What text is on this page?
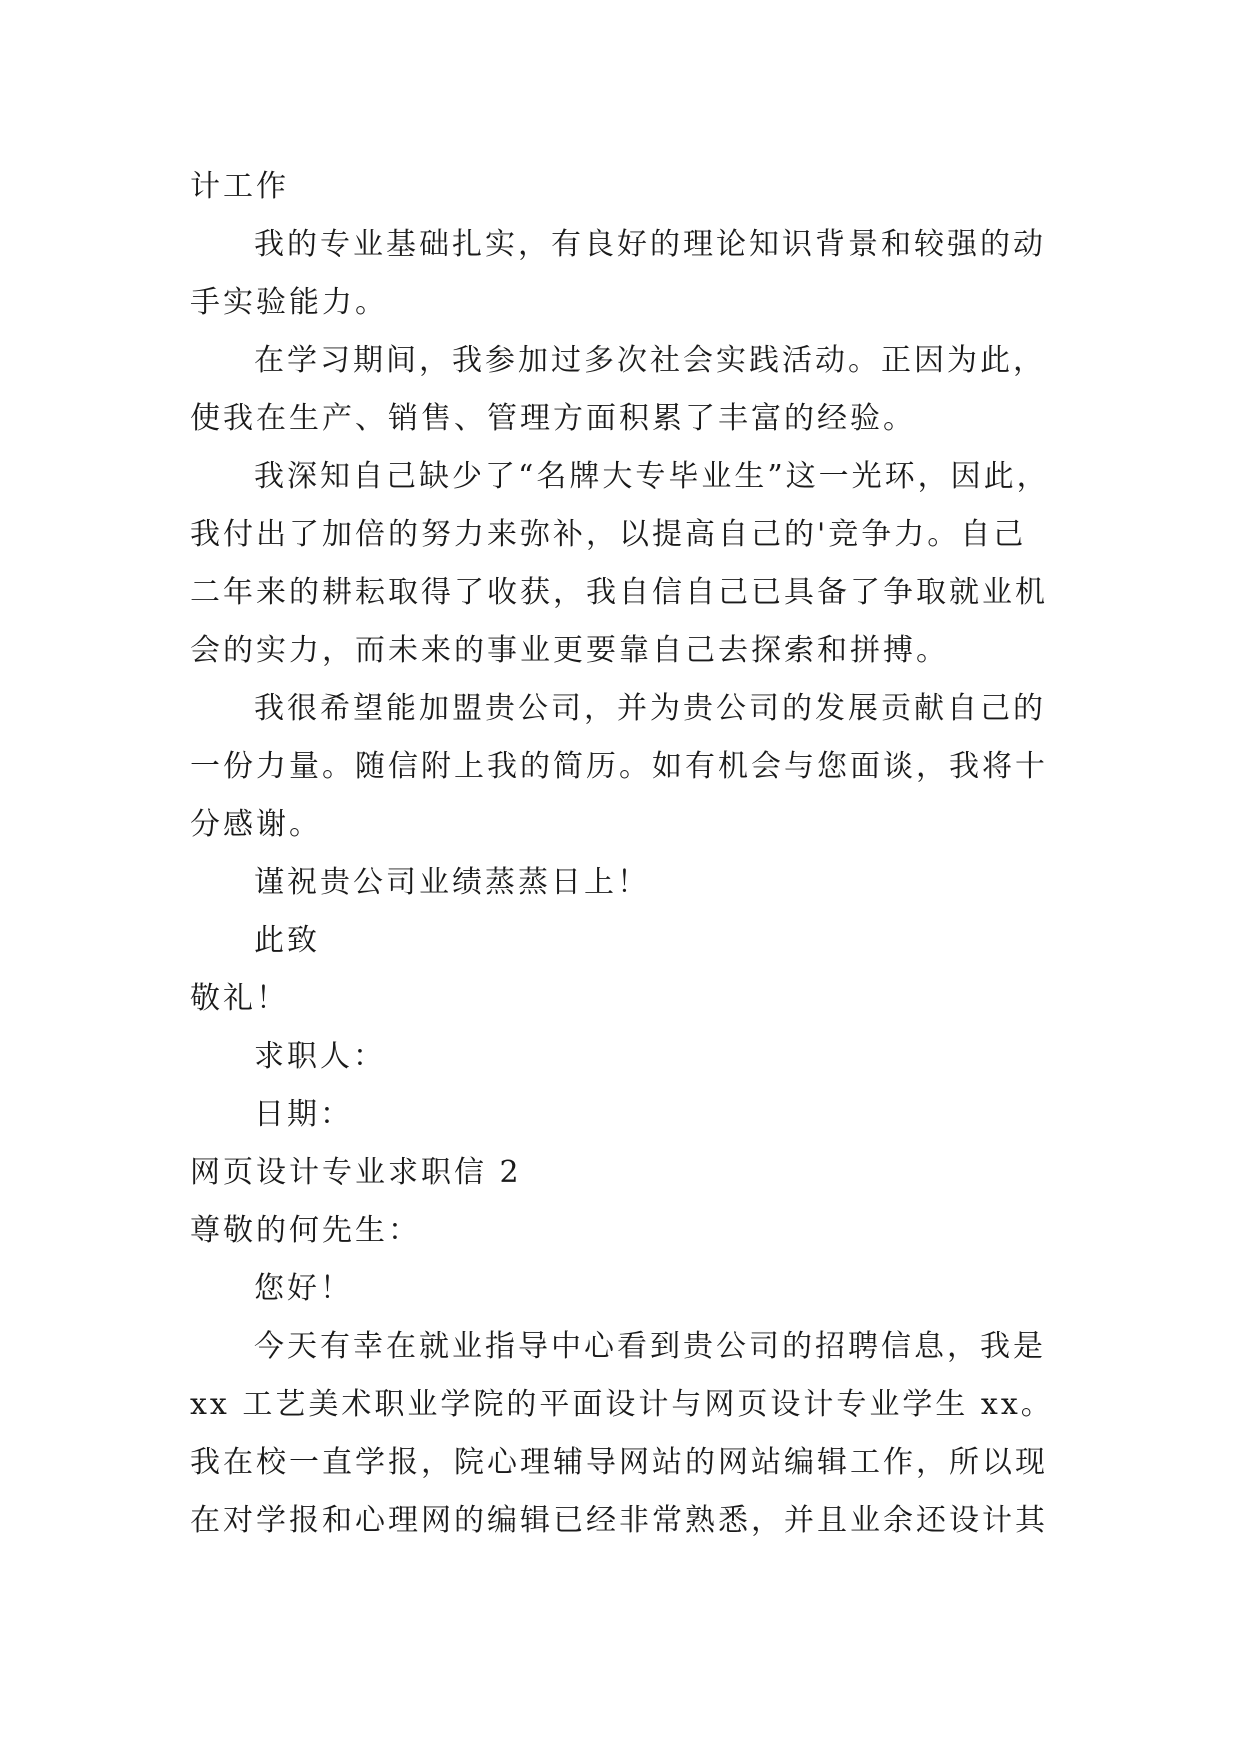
计工作
我的专业基础扎实，有良好的理论知识背景和较强的动
手实验能力。
在学习期间，我参加过多次社会实践活动。正因为此，
使我在生产、销售、管理方面积累了丰富的经验。
我深知自己缺少了“名牌大专毕业生”这一光环，因此，
我付出了加倍的努力来弥补，以提高自己的'竞争力。自己
二年来的耕耘取得了收获，我自信自己已具备了争取就业机
会的实力，而未来的事业更要靠自己去探索和拼搏。
我很希望能加盟贵公司，并为贵公司的发展贡献自己的
一份力量。随信附上我的简历。如有机会与您面谈，我将十
分感谢。
谨祝贵公司业绩蒸蒸日上！
此致
敬礼！
求职人：
日期：
网页设计专业求职信 2
尊敬的何先生：
您好！
今天有幸在就业指导中心看到贵公司的招聘信息，我是
xx 工艺美术职业学院的平面设计与网页设计专业学生 xx。
我在校一直学报，院心理辅导网站的网站编辑工作，所以现
在对学报和心理网的编辑已经非常熟悉，并且业余还设计其
